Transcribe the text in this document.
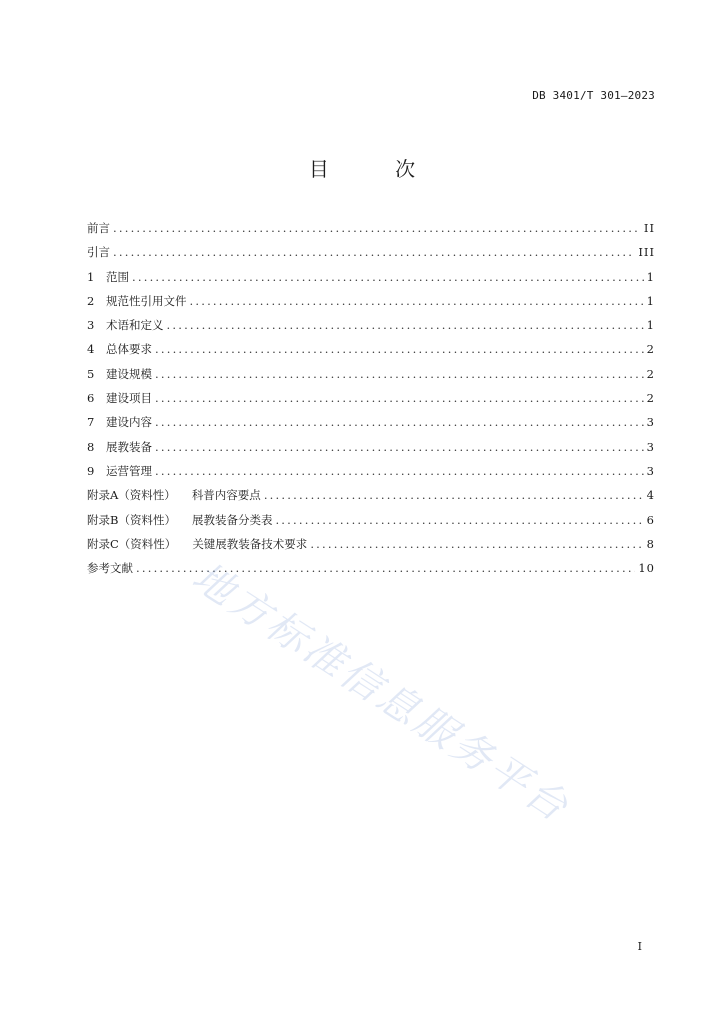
DB 3401/T 301—2023
目 次
前言 .....	II
引言 .....	III
1	范围 .....	1
2	规范性引用文件 .....	1
3	术语和定义 .....	1
4	总体要求 .....	2
5	建设规模 .....	2
6	建设项目 .....	2
7	建设内容 .....	3
8	展教装备 .....	3
9	运营管理 .....	3
附录A（资料性） 科普内容要点 .....	4
附录B（资料性） 展教装备分类表 .....	6
附录C（资料性） 关键展教装备技术要求 .....	8
参考文献 .....	10
地方标准信息服务平台
I
